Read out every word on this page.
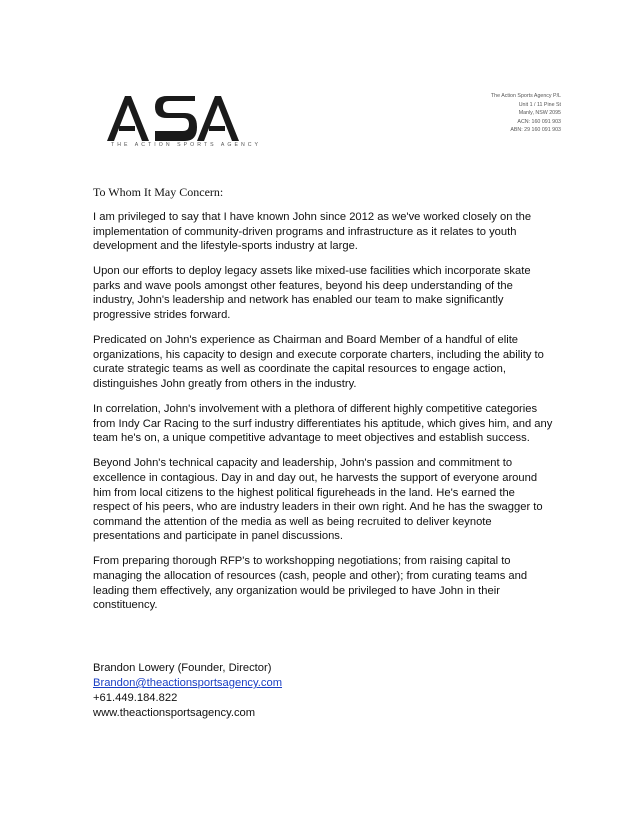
THE ACTION SPORTS AGENCY
The Action Sports Agency P/L
Unit 1 / 11 Pine St
Manly, NSW 2095
ACN: 160 091 903
ABN: 29 160 091 903
To Whom It May Concern:

I am privileged to say that I have known John since 2012 as we've worked closely on the implementation of community-driven programs and infrastructure as it relates to youth development and the lifestyle-sports industry at large.

Upon our efforts to deploy legacy assets like mixed-use facilities which incorporate skate parks and wave pools amongst other features, beyond his deep understanding of the industry, John's leadership and network has enabled our team to make significantly progressive strides forward.

Predicated on John's experience as Chairman and Board Member of a handful of elite organizations, his capacity to design and execute corporate charters, including the ability to curate strategic teams as well as coordinate the capital resources to engage action, distinguishes John greatly from others in the industry.

In correlation, John's involvement with a plethora of different highly competitive categories from Indy Car Racing to the surf industry differentiates his aptitude, which gives him, and any team he's on, a unique competitive advantage to meet objectives and establish success.

Beyond John's technical capacity and leadership, John's passion and commitment to excellence in contagious. Day in and day out, he harvests the support of everyone around him from local citizens to the highest political figureheads in the land. He's earned the respect of his peers, who are industry leaders in their own right. And he has the swagger to command the attention of the media as well as being recruited to deliver keynote presentations and participate in panel discussions.

From preparing thorough RFP's to workshopping negotiations; from raising capital to managing the allocation of resources (cash, people and other); from curating teams and leading them effectively, any organization would be privileged to have John in their constituency.

Brandon Lowery (Founder, Director)
Brandon@theactionsportsagency.com
+61.449.184.822
www.theactionsportsagency.com
